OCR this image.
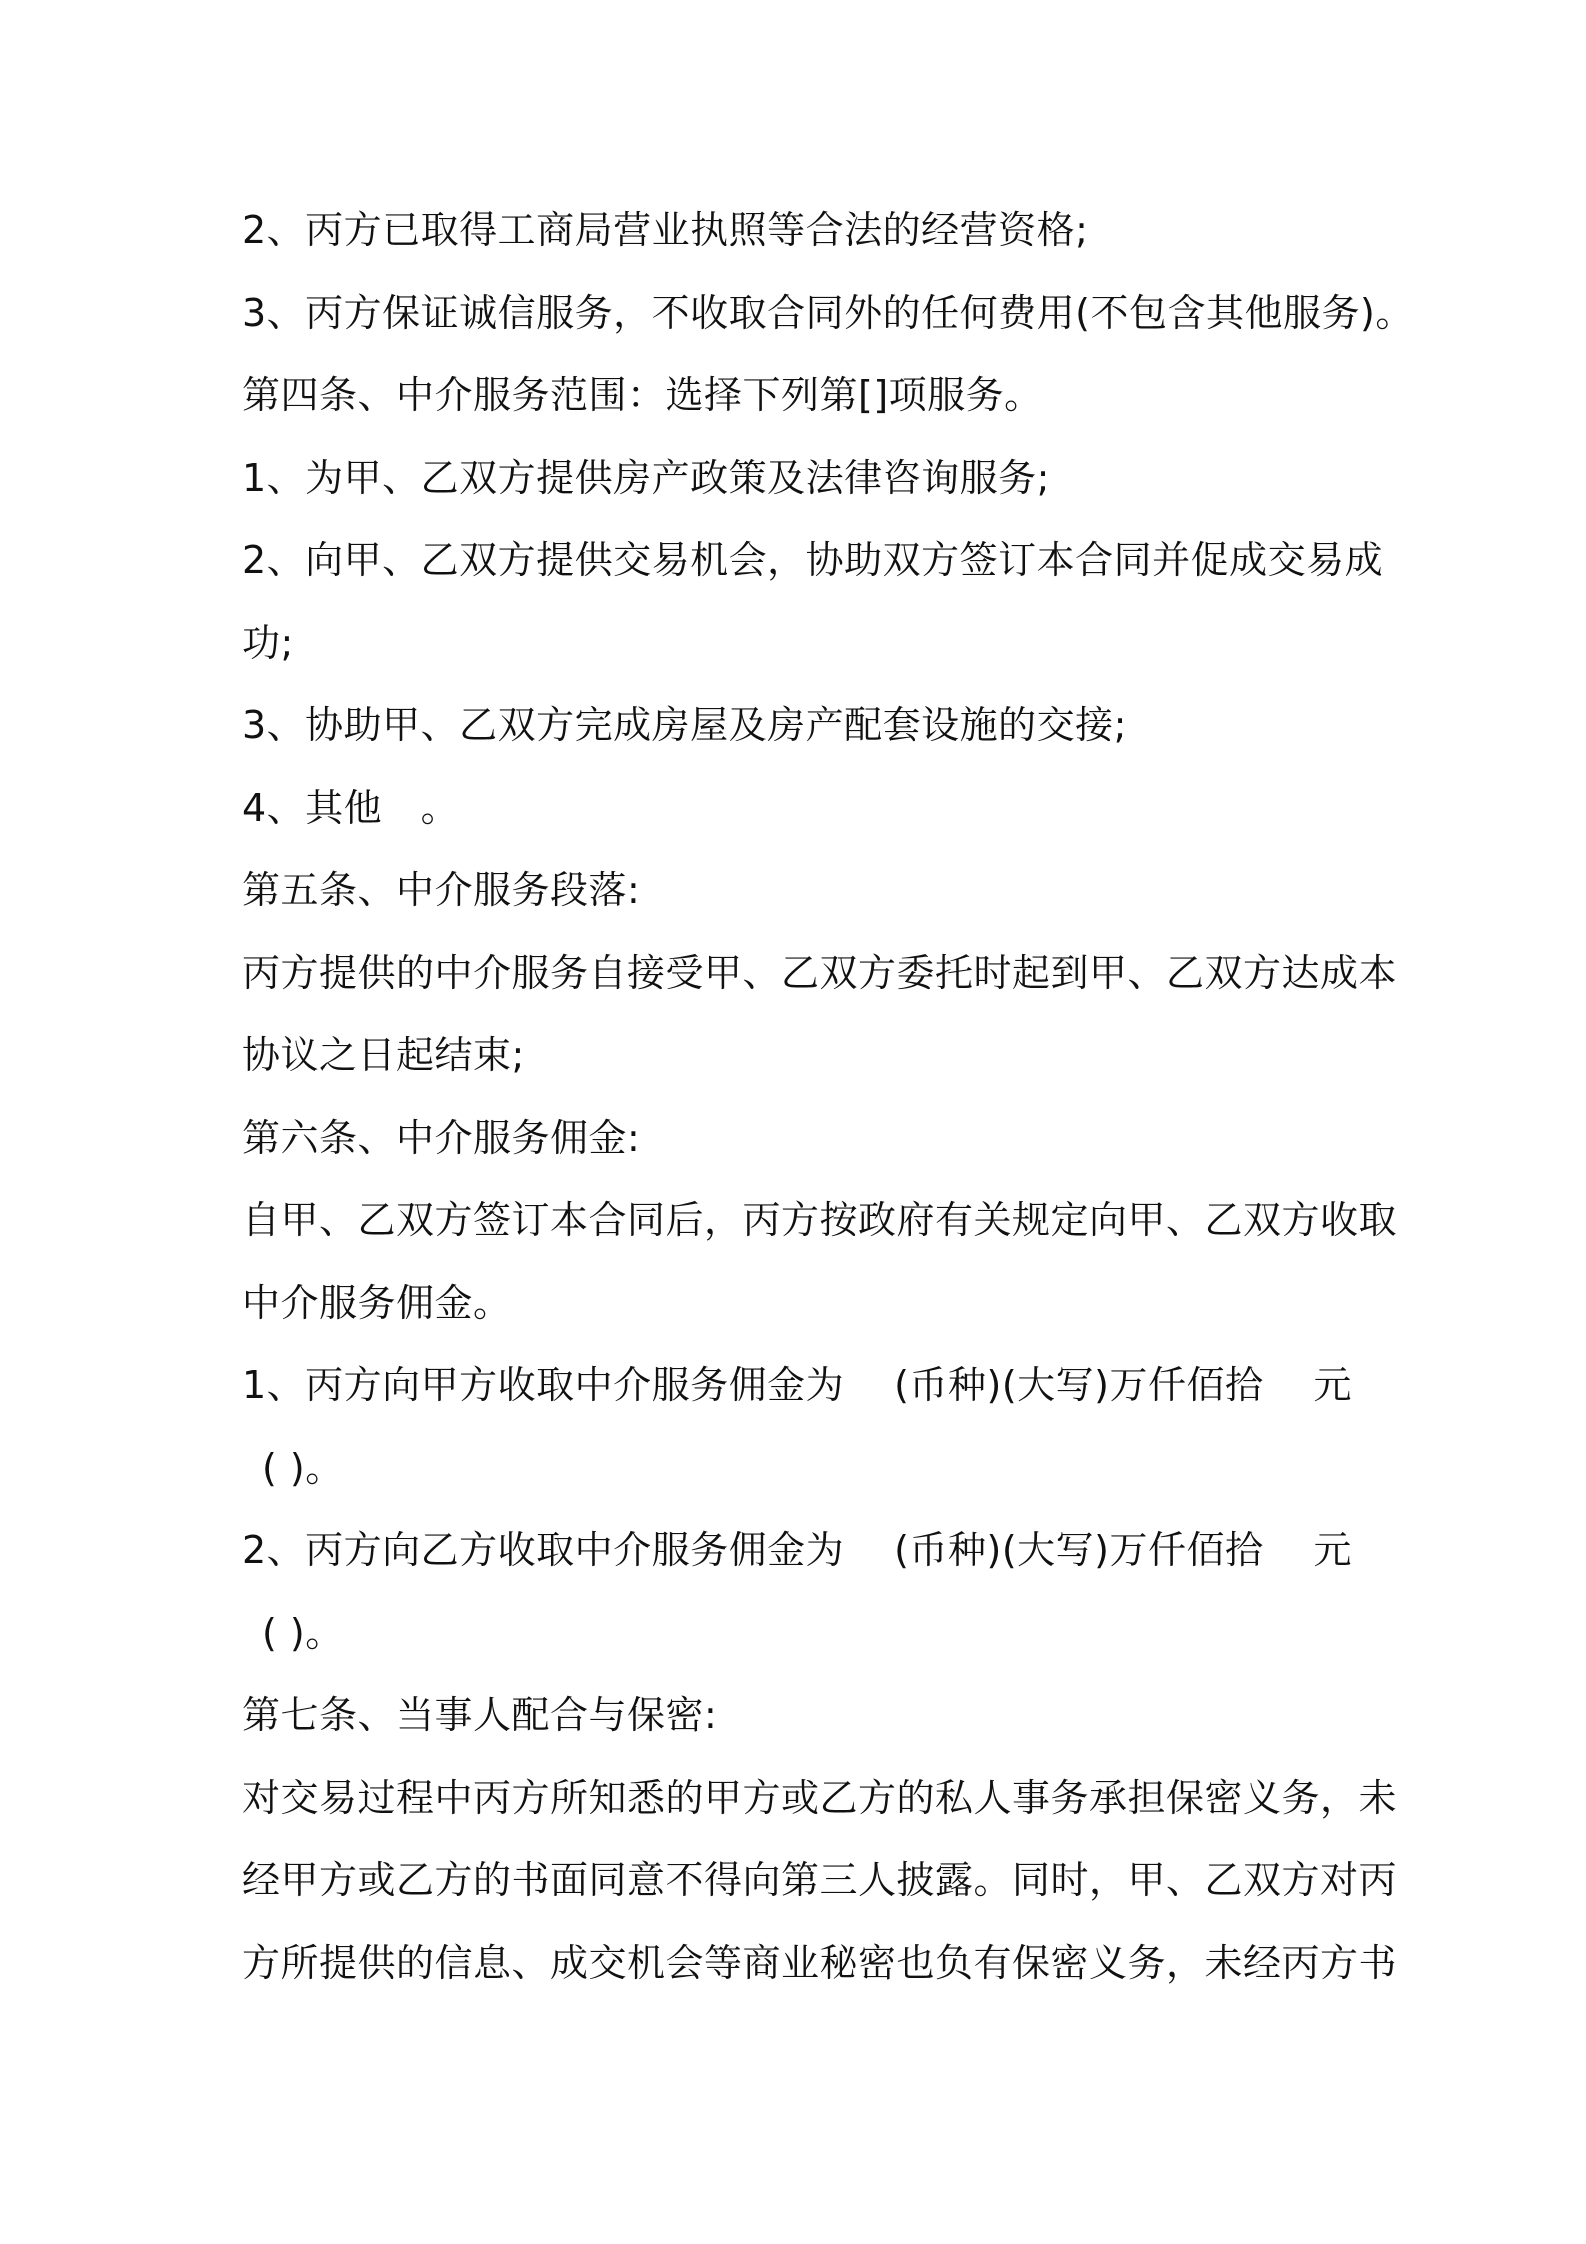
2、丙方已取得工商局营业执照等合法的经营资格;
3、丙方保证诚信服务，不收取合同外的任何费用(不包含其他服务)。
第四条、中介服务范围：选择下列第[]项服务。
1、为甲、乙双方提供房产政策及法律咨询服务;
2、向甲、乙双方提供交易机会，协助双方签订本合同并促成交易成
功;
3、协助甲、乙双方完成房屋及房产配套设施的交接;
4、其他　。
第五条、中介服务段落:
丙方提供的中介服务自接受甲、乙双方委托时起到甲、乙双方达成本
协议之日起结束;
第六条、中介服务佣金:
自甲、乙双方签订本合同后，丙方按政府有关规定向甲、乙双方收取
中介服务佣金。
1、丙方向甲方收取中介服务佣金为 (币种)(大写)万仟佰拾 元
( )。
2、丙方向乙方收取中介服务佣金为 (币种)(大写)万仟佰拾 元
( )。
第七条、当事人配合与保密:
对交易过程中丙方所知悉的甲方或乙方的私人事务承担保密义务，未
经甲方或乙方的书面同意不得向第三人披露。同时，甲、乙双方对丙
方所提供的信息、成交机会等商业秘密也负有保密义务，未经丙方书
